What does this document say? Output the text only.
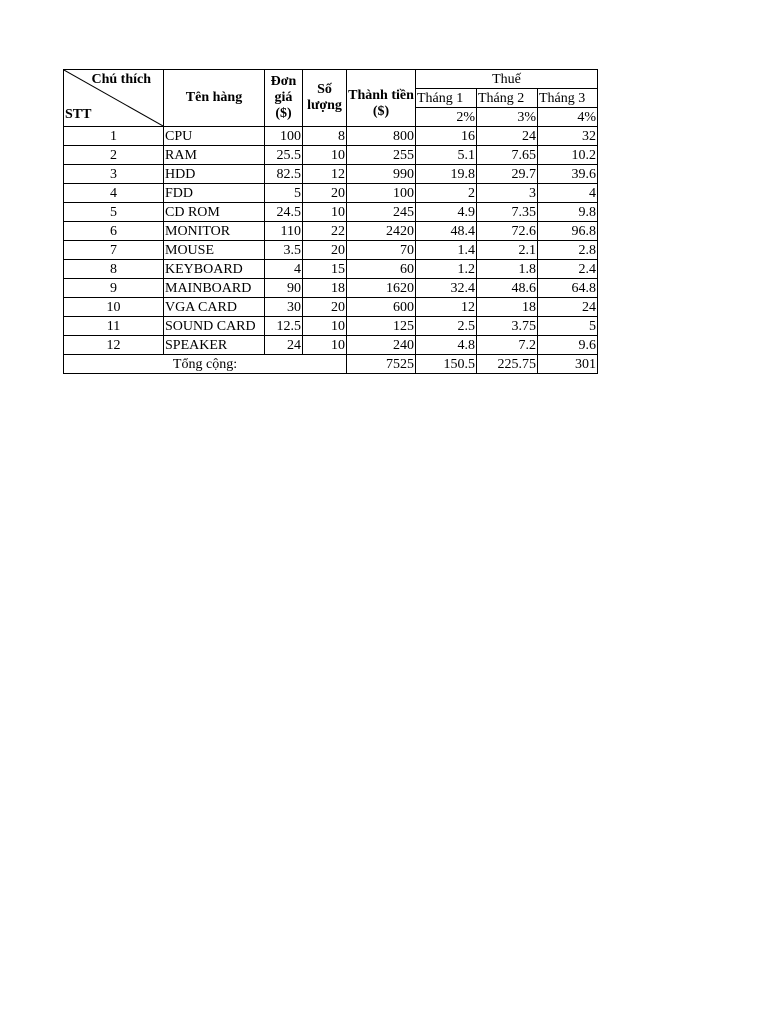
Chú thích
STT	Tên hàng	Đơn giá ($)	Số lượng	Thành tiền ($)	Thuế		
					Tháng 1	Tháng 2	Tháng 3
					2%	3%	4%
1	CPU	100	8	800	16	24	32
2	RAM	25.5	10	255	5.1	7.65	10.2
3	HDD	82.5	12	990	19.8	29.7	39.6
4	FDD	5	20	100	2	3	4
5	CD ROM	24.5	10	245	4.9	7.35	9.8
6	MONITOR	110	22	2420	48.4	72.6	96.8
7	MOUSE	3.5	20	70	1.4	2.1	2.8
8	KEYBOARD	4	15	60	1.2	1.8	2.4
9	MAINBOARD	90	18	1620	32.4	48.6	64.8
10	VGA CARD	30	20	600	12	18	24
11	SOUND CARD	12.5	10	125	2.5	3.75	5
12	SPEAKER	24	10	240	4.8	7.2	9.6
Tổng cộng:				7525	150.5	225.75	301
